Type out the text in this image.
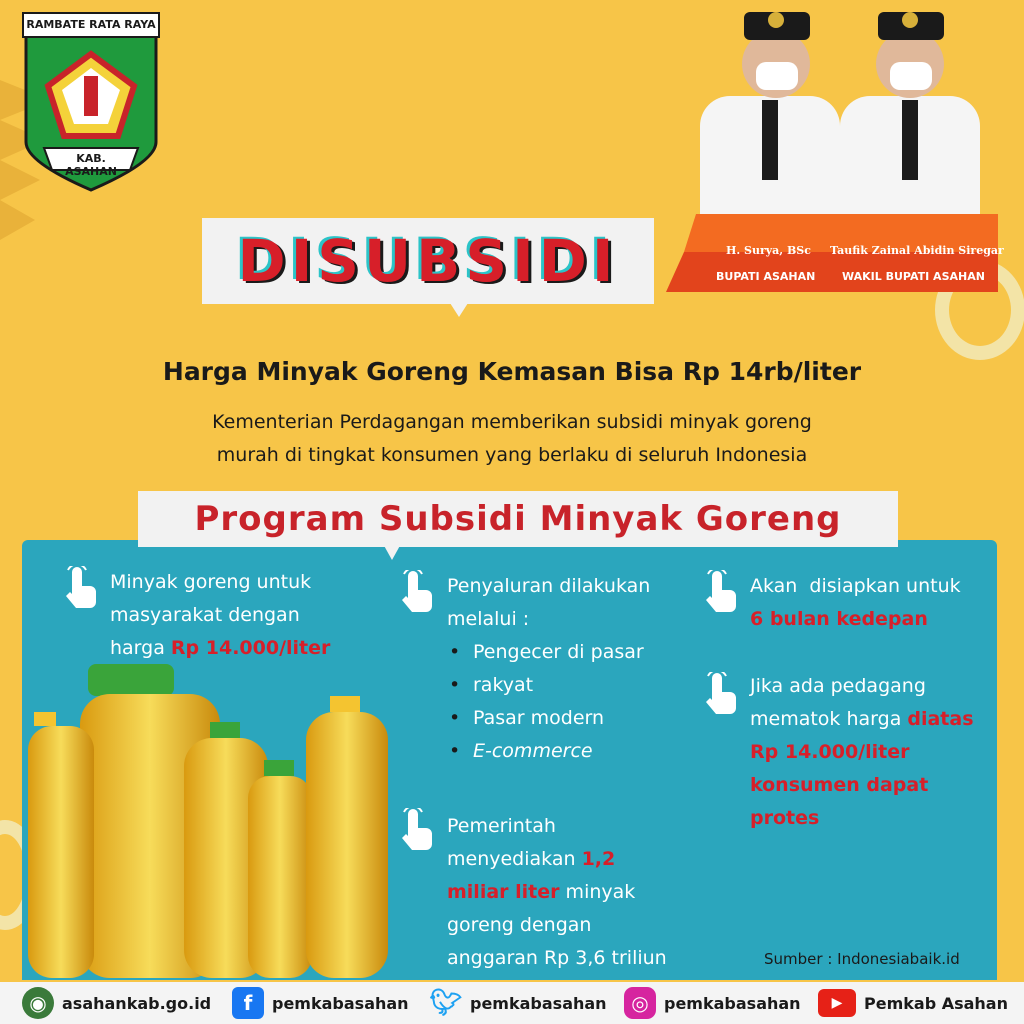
RAMBATE RATA RAYA
KAB. ASAHAN
H. Surya, BSc Taufik Zainal Abidin Siregar
BUPATI ASAHAN WAKIL BUPATI ASAHAN
DISUBSIDI
Harga Minyak Goreng Kemasan Bisa Rp 14rb/liter
Kementerian Perdagangan memberikan subsidi minyak goreng
murah di tingkat konsumen yang berlaku di seluruh Indonesia
Program Subsidi Minyak Goreng
Minyak goreng untuk
masyarakat dengan
harga Rp 14.000/liter
Penyaluran dilakukan
melalui :
• Pengecer di pasar
• rakyat
• Pasar modern
• E-commerce
Pemerintah
menyediakan 1,2
miliar liter minyak
goreng dengan
anggaran Rp 3,6 triliun
Akan  disiapkan untuk
6 bulan kedepan
Jika ada pedagang
mematok harga diatas
Rp 14.000/liter
konsumen dapat
protes
Sumber : Indonesiabaik.id
◉ asahankab.go.id	f	pemkabasahan 🐦︎ pemkabasahan	◎ pemkabasahan	▶	Pemkab Asahan
